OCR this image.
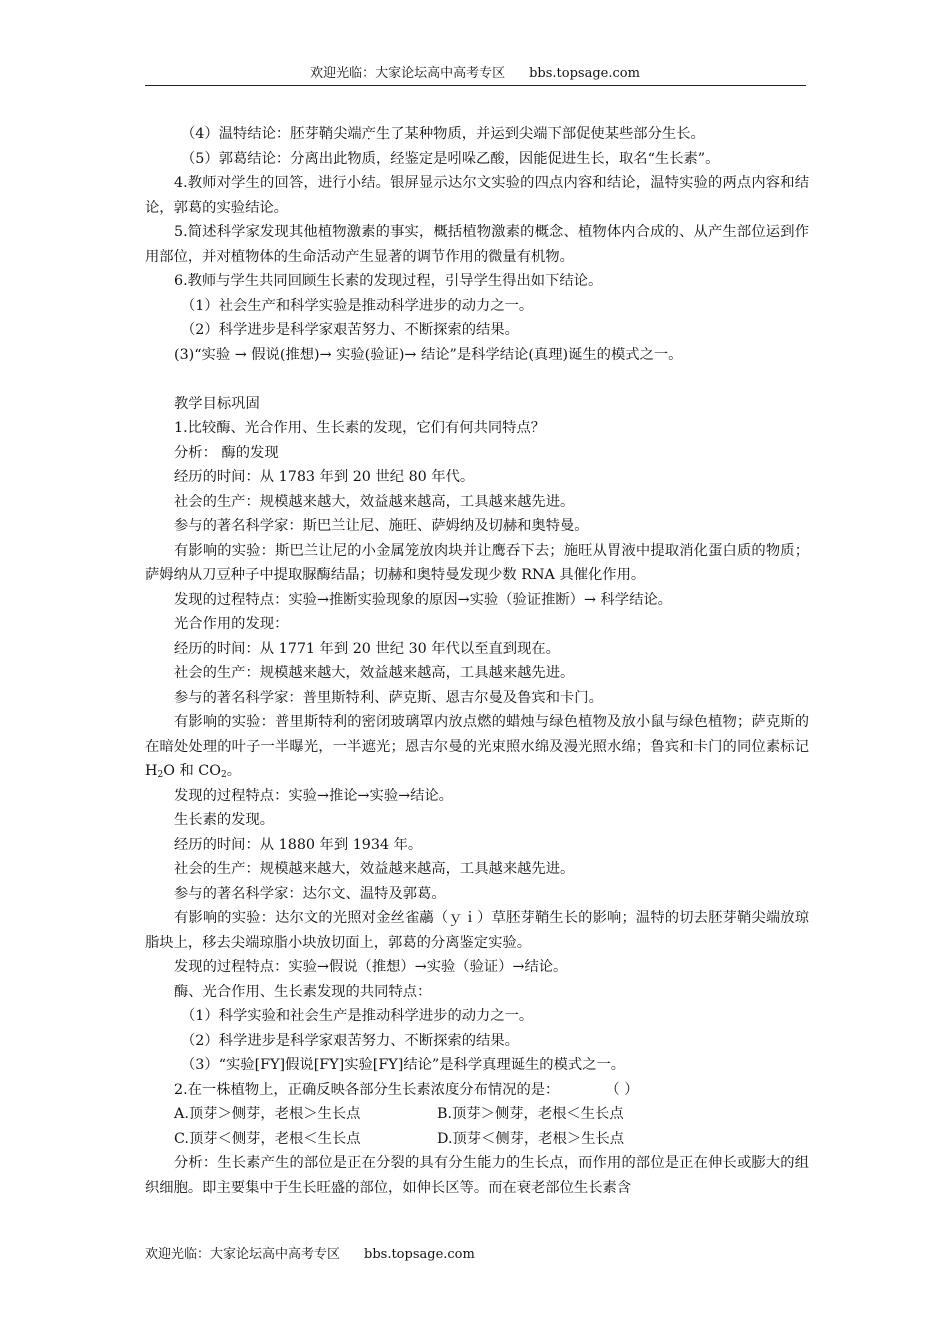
欢迎光临：大家论坛高中高考专区 bbs.topsage.com

（4）温特结论：胚芽鞘尖端产生了某种物质，并运到尖端下部促使某些部分生长。

（5）郭葛结论：分离出此物质，经鉴定是吲哚乙酸，因能促进生长，取名“生长素”。

4.教师对学生的回答，进行小结。银屏显示达尔文实验的四点内容和结论，温特实验的两点内容和结论，郭葛的实验结论。

5.简述科学家发现其他植物激素的事实，概括植物激素的概念、植物体内合成的、从产生部位运到作用部位，并对植物体的生命活动产生显著的调节作用的微量有机物。

6.教师与学生共同回顾生长素的发现过程，引导学生得出如下结论。

（1）社会生产和科学实验是推动科学进步的动力之一。

（2）科学进步是科学家艰苦努力、不断探索的结果。

(3)“实验 → 假说(推想)→ 实验(验证)→ 结论”是科学结论(真理)诞生的模式之一。

教学目标巩固

1.比较酶、光合作用、生长素的发现，它们有何共同特点？

分析： 酶的发现

经历的时间：从 1783 年到 20 世纪 80 年代。

社会的生产：规模越来越大，效益越来越高，工具越来越先进。

参与的著名科学家：斯巴兰让尼、施旺、萨姆纳及切赫和奥特曼。

有影响的实验：斯巴兰让尼的小金属笼放肉块并让鹰吞下去；施旺从胃液中提取消化蛋白质的物质；萨姆纳从刀豆种子中提取脲酶结晶；切赫和奥特曼发现少数 RNA 具催化作用。

发现的过程特点：实验→推断实验现象的原因→实验（验证推断）→ 科学结论。

光合作用的发现：

经历的时间：从 1771 年到 20 世纪 30 年代以至直到现在。

社会的生产：规模越来越大，效益越来越高，工具越来越先进。

参与的著名科学家：普里斯特利、萨克斯、恩吉尔曼及鲁宾和卡门。

有影响的实验：普里斯特利的密闭玻璃罩内放点燃的蜡烛与绿色植物及放小鼠与绿色植物；萨克斯的在暗处处理的叶子一半曝光，一半遮光；恩吉尔曼的光束照水绵及漫光照水绵；鲁宾和卡门的同位素标记 $H_2O$ 和 $CO_2$。

发现的过程特点：实验→推论→实验→结论。

生长素的发现。

经历的时间：从 1880 年到 1934 年。

社会的生产：规模越来越大，效益越来越高，工具越来越先进。

参与的著名科学家：达尔文、温特及郭葛。

有影响的实验：达尔文的光照对金丝雀虉（ｙｉ）草胚芽鞘生长的影响；温特的切去胚芽鞘尖端放琼脂块上，移去尖端琼脂小块放切面上，郭葛的分离鉴定实验。

发现的过程特点：实验→假说（推想）→实验（验证）→结论。

酶、光合作用、生长素发现的共同特点：

（1）科学实验和社会生产是推动科学进步的动力之一。

（2）科学进步是科学家艰苦努力、不断探索的结果。

（3）“实验[FY]假说[FY]实验[FY]结论”是科学真理诞生的模式之一。

2.在一株植物上，正确反映各部分生长素浓度分布情况的是：	（ ）

A.顶芽＞侧芽，老根＞生长点	B.顶芽＞侧芽，老根＜生长点

C.顶芽＜侧芽，老根＜生长点	D.顶芽＜侧芽，老根＞生长点

分析：生长素产生的部位是正在分裂的具有分生能力的生长点，而作用的部位是正在伸长或膨大的组织细胞。即主要集中于生长旺盛的部位，如伸长区等。而在衰老部位生长素含

欢迎光临：大家论坛高中高考专区 bbs.topsage.com
